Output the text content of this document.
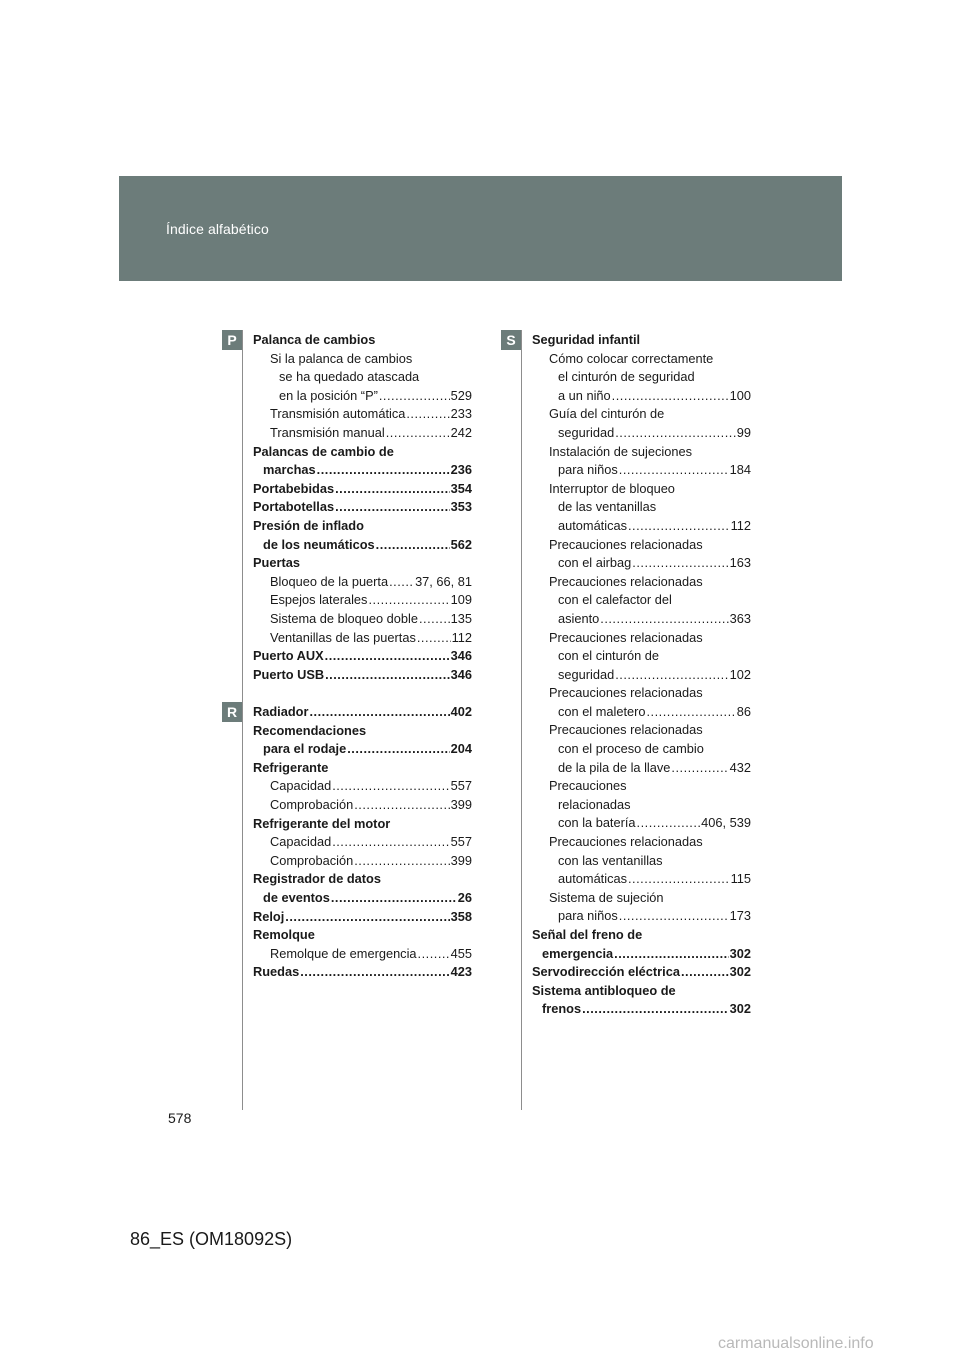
Índice alfabético
P
R
S
Palanca de cambios
Si la palanca de cambios
se ha quedado atascada
en la posición “P” .....	529
Transmisión automática .....	233
Transmisión manual .....	242
Palancas de cambio de
marchas .....	236
Portabebidas .....	354
Portabotellas .....	353
Presión de inflado
de los neumáticos .....	562
Puertas
Bloqueo de la puerta ..... 37, 66, 81
Espejos laterales .....	109
Sistema de bloqueo doble .....	135
Ventanillas de las puertas .....	112
Puerto AUX .....	346
Puerto USB .....	346
Radiador .....	402
Recomendaciones
para el rodaje .....	204
Refrigerante
Capacidad .....	557
Comprobación .....	399
Refrigerante del motor
Capacidad .....	557
Comprobación .....	399
Registrador de datos
de eventos .....	26
Reloj .....	358
Remolque
Remolque de emergencia .....	455
Ruedas .....	423
Seguridad infantil
Cómo colocar correctamente
el cinturón de seguridad
a un niño .....	100
Guía del cinturón de
seguridad .....	99
Instalación de sujeciones
para niños .....	184
Interruptor de bloqueo
de las ventanillas
automáticas .....	112
Precauciones relacionadas
con el airbag .....	163
Precauciones relacionadas
con el calefactor del
asiento .....	363
Precauciones relacionadas
con el cinturón de
seguridad .....	102
Precauciones relacionadas
con el maletero .....	86
Precauciones relacionadas
con el proceso de cambio
de la pila de la llave .....	432
Precauciones
relacionadas
con la batería .....	406, 539
Precauciones relacionadas
con las ventanillas
automáticas .....	115
Sistema de sujeción
para niños .....	173
Señal del freno de
emergencia .....	302
Servodirección eléctrica .....	302
Sistema antibloqueo de
frenos .....	302
578
86_ES (OM18092S)
carmanualsonline.info
